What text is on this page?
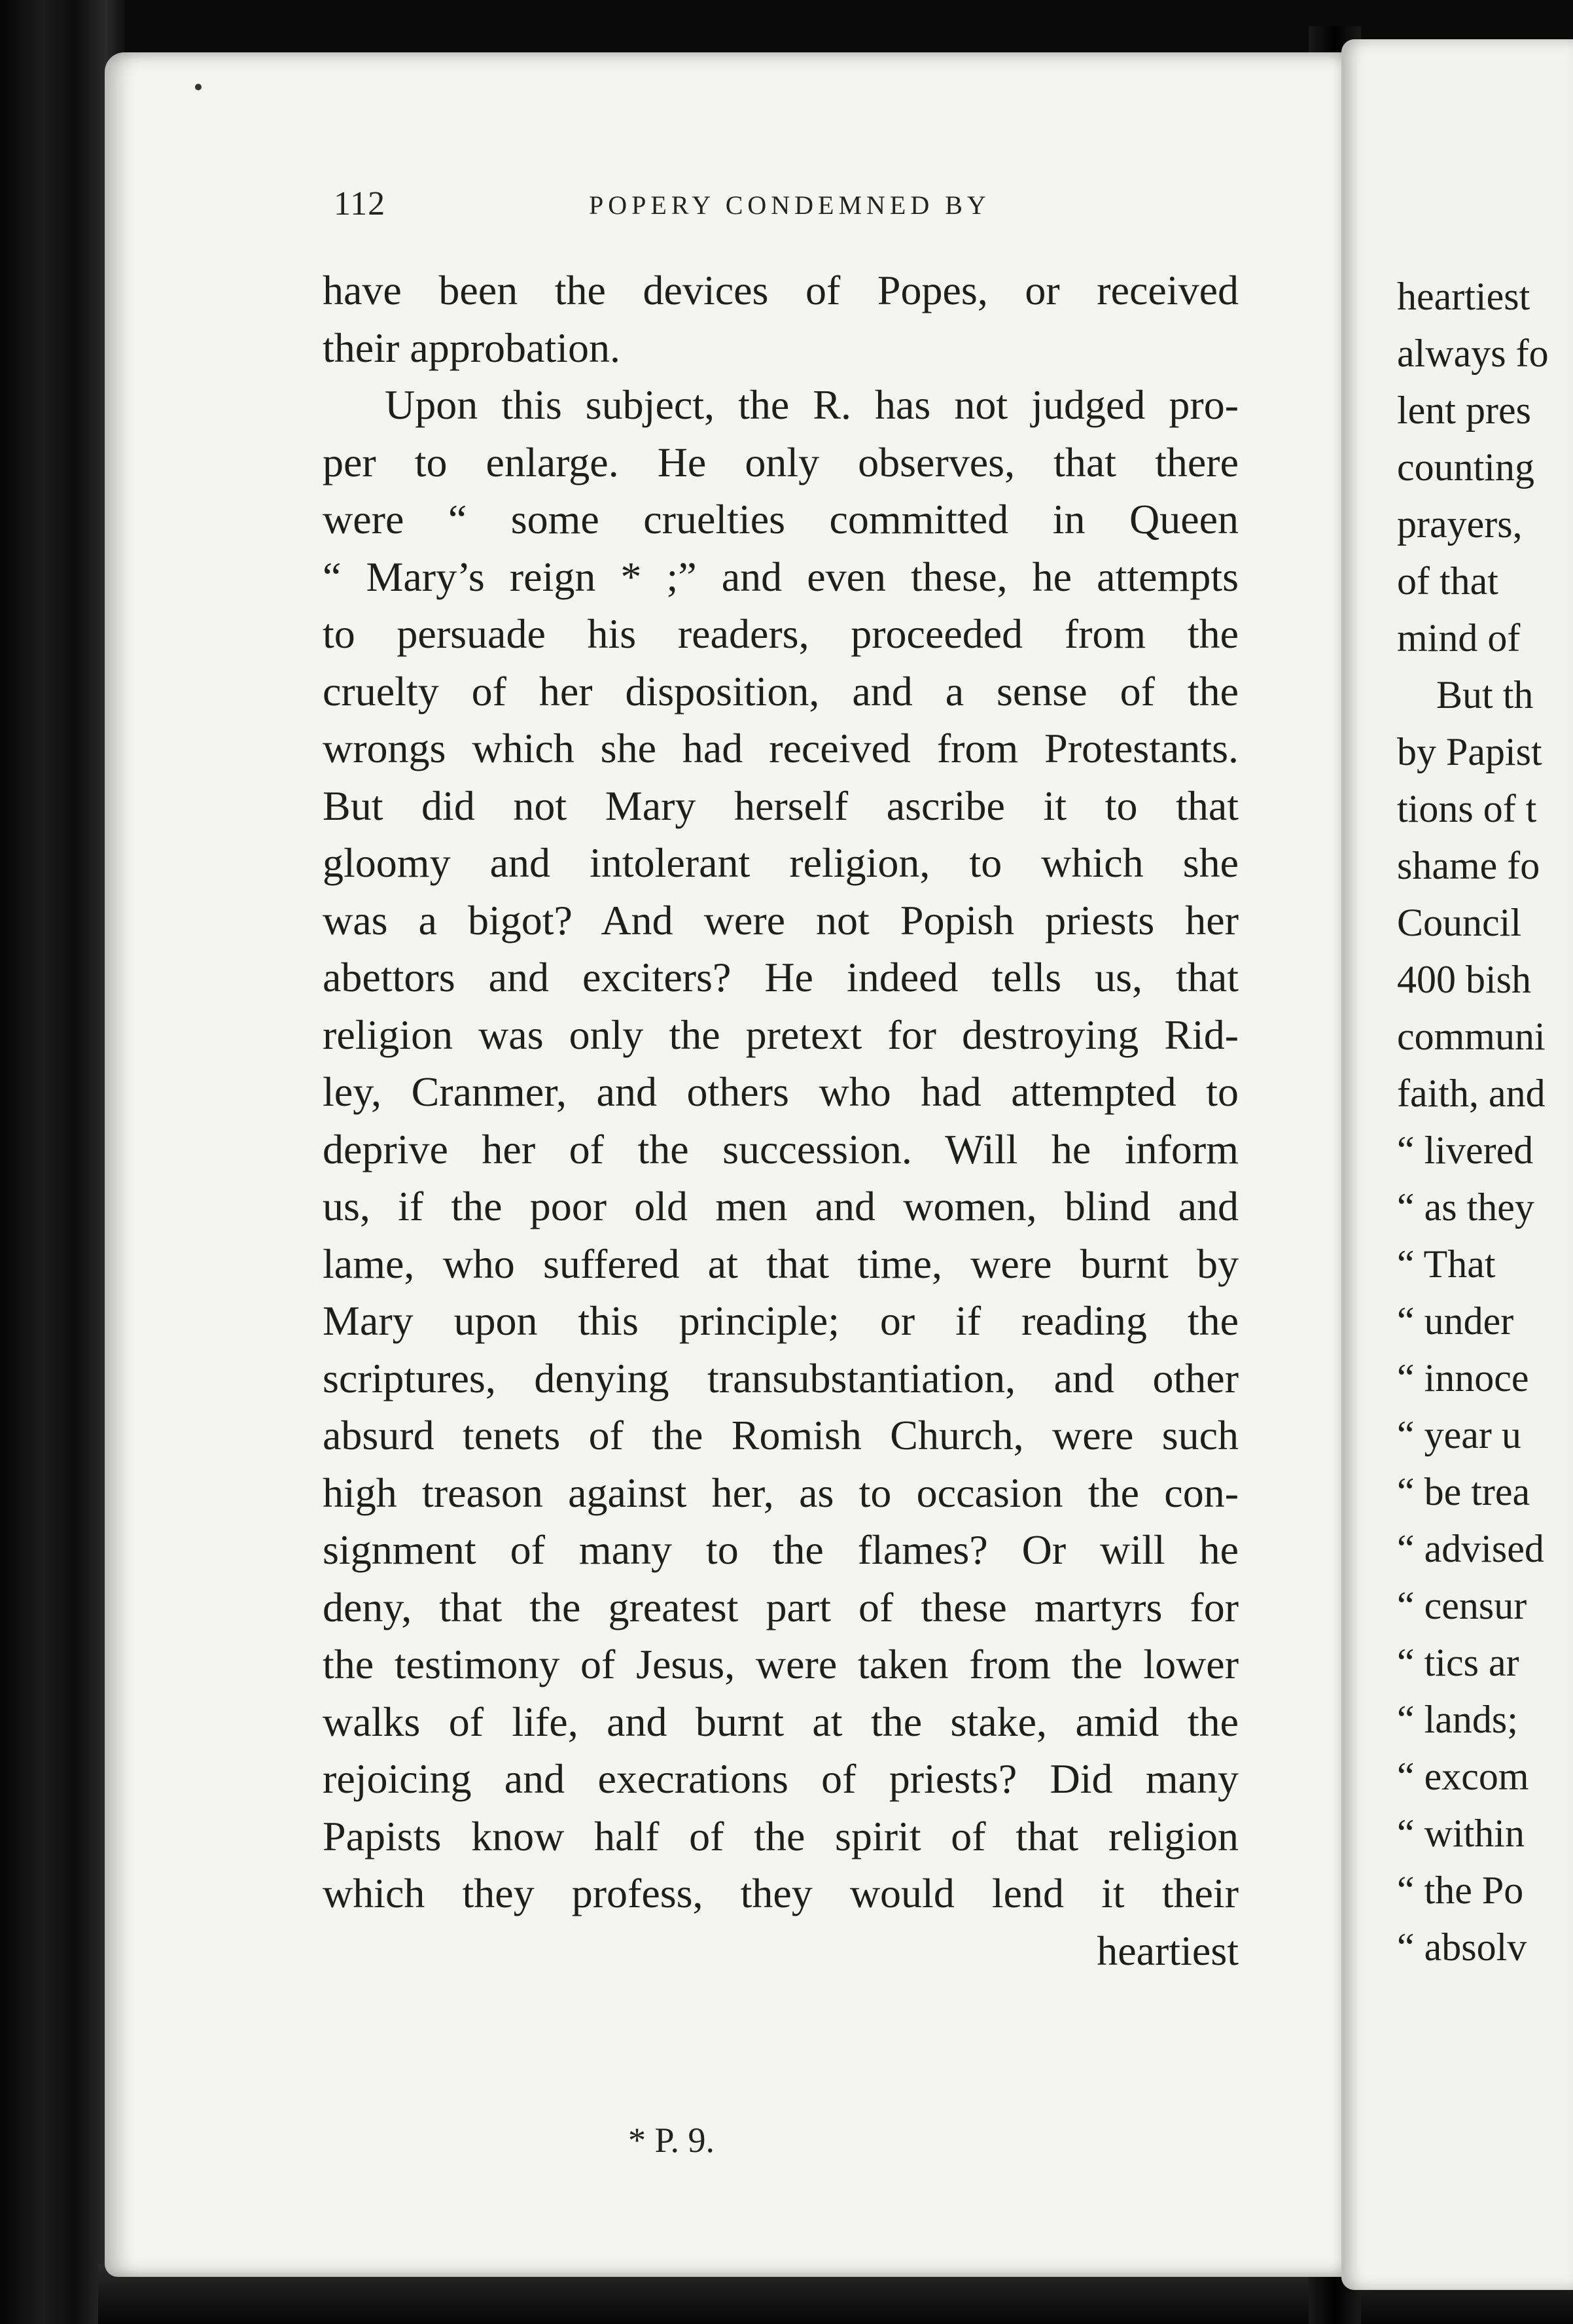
112	POPERY CONDEMNED BY
have been the devices of Popes, or received
their approbation.
Upon this subject, the R. has not judged pro-
per to enlarge. He only observes, that there
were “ some cruelties committed in Queen
“ Mary’s reign * ;” and even these, he attempts
to persuade his readers, proceeded from the
cruelty of her disposition, and a sense of the
wrongs which she had received from Protestants.
But did not Mary herself ascribe it to that
gloomy and intolerant religion, to which she
was a bigot? And were not Popish priests her
abettors and exciters? He indeed tells us, that
religion was only the pretext for destroying Rid-
ley, Cranmer, and others who had attempted to
deprive her of the succession. Will he inform
us, if the poor old men and women, blind and
lame, who suffered at that time, were burnt by
Mary upon this principle; or if reading the
scriptures, denying transubstantiation, and other
absurd tenets of the Romish Church, were such
high treason against her, as to occasion the con-
signment of many to the flames? Or will he
deny, that the greatest part of these martyrs for
the testimony of Jesus, were taken from the lower
walks of life, and burnt at the stake, amid the
rejoicing and execrations of priests? Did many
Papists know half of the spirit of that religion
which they profess, they would lend it their
heartiest
* P. 9.
heartiest
always fo
lent pres
counting
prayers,
of that
mind of
But th
by Papist
tions of t
shame fo
Council
400 bish
communi
faith, and
“ livered
“ as they
“ That
“ under
“ innoce
“ year u
“ be trea
“ advised
“ censur
“ tics ar
“ lands;
“ excom
“ within
“ the Po
“ absolv
